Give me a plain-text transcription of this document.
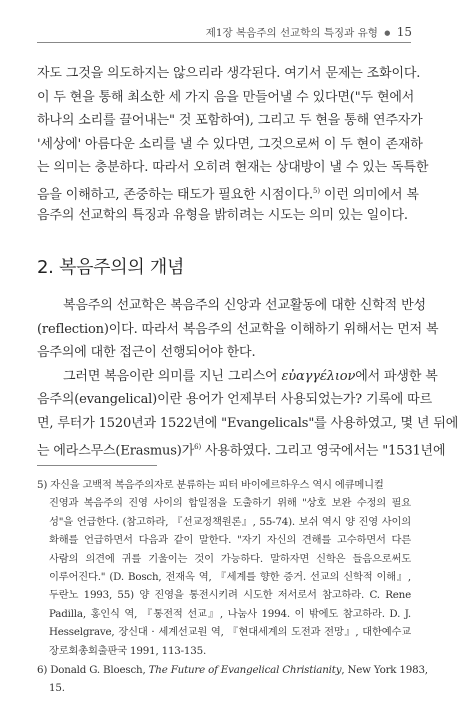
제1장 복음주의 선교학의 특징과 유형 ● 15
자도 그것을 의도하지는 않으리라 생각된다. 여기서 문제는 조화이다.
이 두 현을 통해 최소한 세 가지 음을 만들어낼 수 있다면("두 현에서
하나의 소리를 끌어내는" 것 포함하여), 그리고 두 현을 통해 연주자가
'세상에' 아름다운 소리를 낼 수 있다면, 그것으로써 이 두 현이 존재하
는 의미는 충분하다. 따라서 오히려 현재는 상대방이 낼 수 있는 독특한
음을 이해하고, 존중하는 태도가 필요한 시점이다.$^{5)}$ 이런 의미에서 복
음주의 선교학의 특징과 유형을 밝히려는 시도는 의미 있는 일이다.
2. 복음주의의 개념
복음주의 선교학은 복음주의 신앙과 선교활동에 대한 신학적 반성
(reflection)이다. 따라서 복음주의 선교학을 이해하기 위해서는 먼저 복
음주의에 대한 접근이 선행되어야 한다.
그러면 복음이란 의미를 지닌 그리스어 εὐαγγέλιον에서 파생한 복
음주의(evangelical)이란 용어가 언제부터 사용되었는가? 기록에 따르
면, 루터가 1520년과 1522년에 "Evangelicals"를 사용하였고, 몇 년 뒤에
는 에라스무스(Erasmus)가$^{6)}$ 사용하였다. 그리고 영국에서는 "1531년에
5) 자신을 고백적 복음주의자로 분류하는 피터 바이에르하우스 역시 에큐메니컬
진영과 복음주의 진영 사이의 합일점을 도출하기 위해 "상호 보완 수정의 필요
성"을 언급한다. (참고하라, 『선교정책원론』, 55-74). 보쉬 역시 양 진영 사이의
화해를 언급하면서 다음과 같이 말한다. "자기 자신의 견해를 고수하면서 다른
사람의 의견에 귀를 기울이는 것이 가능하다. 말하자면 신학은 들음으로써도
이루어진다." (D. Bosch, 전재옥 역, 『세계를 향한 증거. 선교의 신학적 이해』,
두란노 1993, 55) 양 진영을 통전시키려 시도한 저서로서 참고하라. C. Rene
Padilla, 홍인식 역, 『통전적 선교』, 나눔사 1994. 이 밖에도 참고하라. D. J.
Hesselgrave, 장신대 · 세계선교원 역, 『현대세계의 도전과 전망』, 대한예수교
장로회총회출판국 1991, 113-135.
6) Donald G. Bloesch, The Future of Evangelical Christianity, New York 1983,
15.
